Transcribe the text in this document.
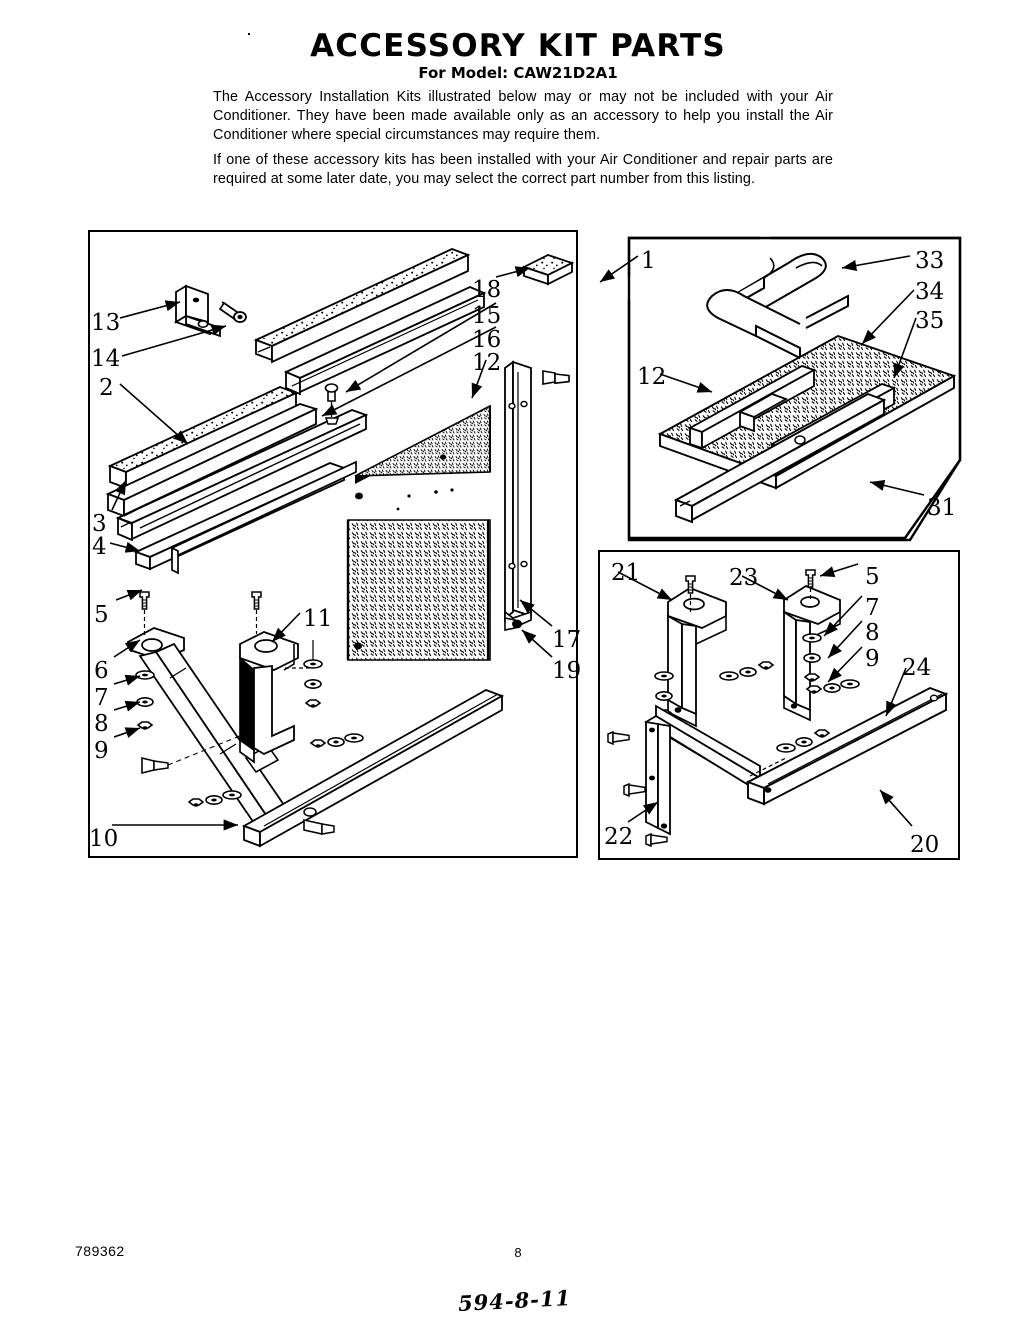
ACCESSORY KIT PARTS
For Model: CAW21D2A1

The Accessory Installation Kits illustrated below may or may not be included with your Air Conditioner. They have been made available only as an accessory to help you install the Air Conditioner where special circumstances may require them.

If one of these accessory kits has been installed with your Air Conditioner and repair parts are required at some later date, you may select the correct part number from this listing.

13
14
2
3
4
18
15
16
12
5
6
7
8
9
11
10
17
19
1	33
34
35
12
31
21	23	5
7
8
9 24
22	20
789362	8
594-8-11
